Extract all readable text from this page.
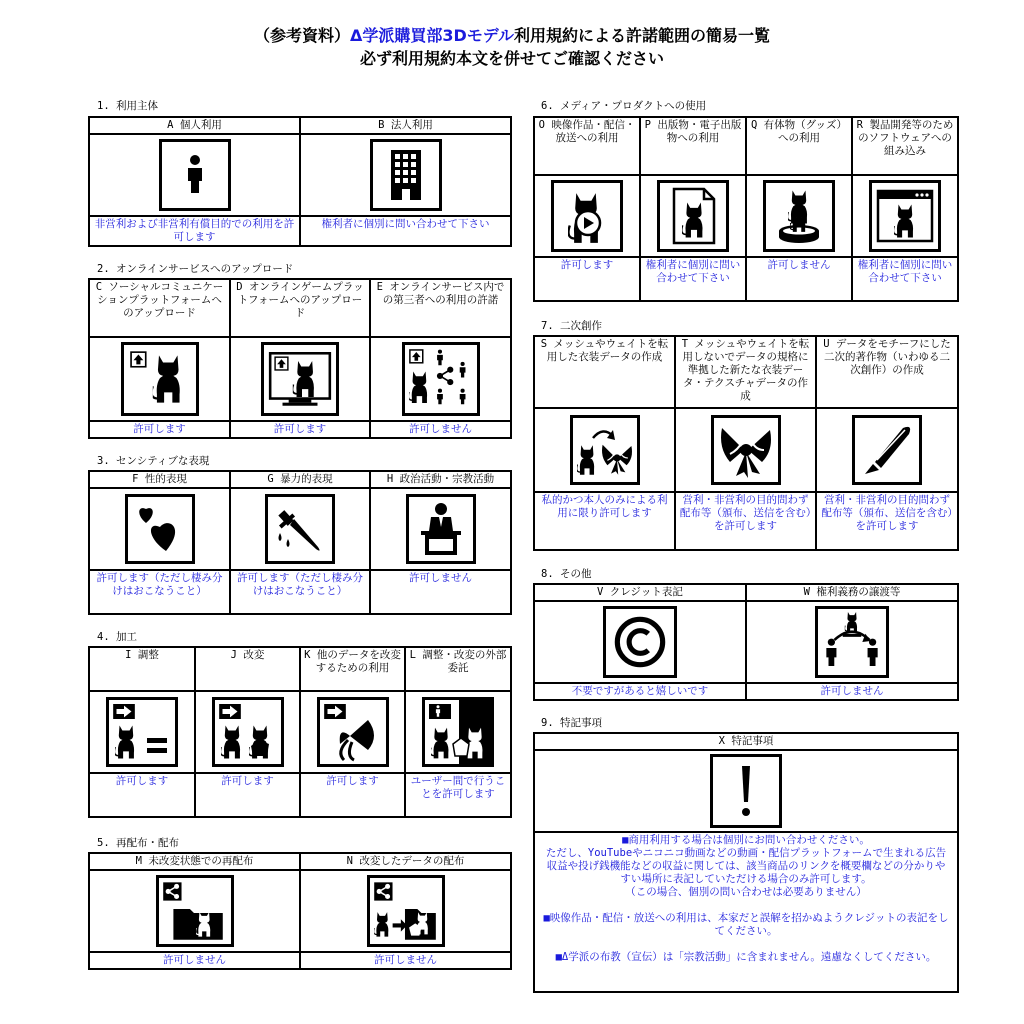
（参考資料）Δ学派購買部3Dモデル利用規約による許諾範囲の簡易一覧
必ず利用規約本文を併せてご確認ください
1. 利用主体
A 個人利用	B 法人利用

非営利および非営利有償目的での利用を許可します	権利者に個別に問い合わせて下さい
2. オンラインサービスへのアップロード
C ソーシャルコミュニケーションプラットフォームへのアップロード	D オンラインゲームプラットフォームへのアップロード	E オンラインサービス内での第三者への利用の許諾

許可します	許可します	許可しません
3. センシティブな表現
F 性的表現	G 暴力的表現	H 政治活動・宗教活動

許可します（ただし棲み分けはおこなうこと）	許可します（ただし棲み分けはおこなうこと）	許可しません
4. 加工
I 調整	J 改変	K 他のデータを改変するための利用	L 調整・改変の外部委託

許可します	許可します	許可します	ユーザー間で行うことを許可します
5. 再配布・配布
M 未改変状態での再配布	N 改変したデータの配布

許可しません	許可しません
6. メディア・プロダクトへの使用
O 映像作品・配信・放送への利用	P 出版物・電子出版物への利用	Q 有体物（グッズ）への利用	R 製品開発等のためのソフトウェアへの組み込み

許可します	権利者に個別に問い合わせて下さい	許可しません	権利者に個別に問い合わせて下さい
7. 二次創作
S メッシュやウェイトを転用した衣装データの作成	T メッシュやウェイトを転用しないでデータの規格に準拠した新たな衣装データ・テクスチャデータの作成	U データをモチーフにした二次的著作物（いわゆる二次創作）の作成

私的かつ本人のみによる利用に限り許可します	営利・非営利の目的問わず配布等（頒布、送信を含む）を許可します	営利・非営利の目的問わず配布等（頒布、送信を含む）を許可します
8. その他
V クレジット表記	W 権利義務の譲渡等

不要ですがあると嬉しいです	許可しません
9. 特記事項
X 特記事項

■商用利用する場合は個別にお問い合わせください。

ただし、YouTubeやニコニコ動画などの動画・配信プラットフォームで生まれる広告収益や投げ銭機能などの収益に関しては、該当商品のリンクを概要欄などの分かりやすい場所に表記していただける場合のみ許可します。

（この場合、個別の問い合わせは必要ありません）

■映像作品・配信・放送への利用は、本家だと誤解を招かぬようクレジットの表記をしてください。

■Δ学派の布教（宣伝）は「宗教活動」に含まれません。遠慮なくしてください。
